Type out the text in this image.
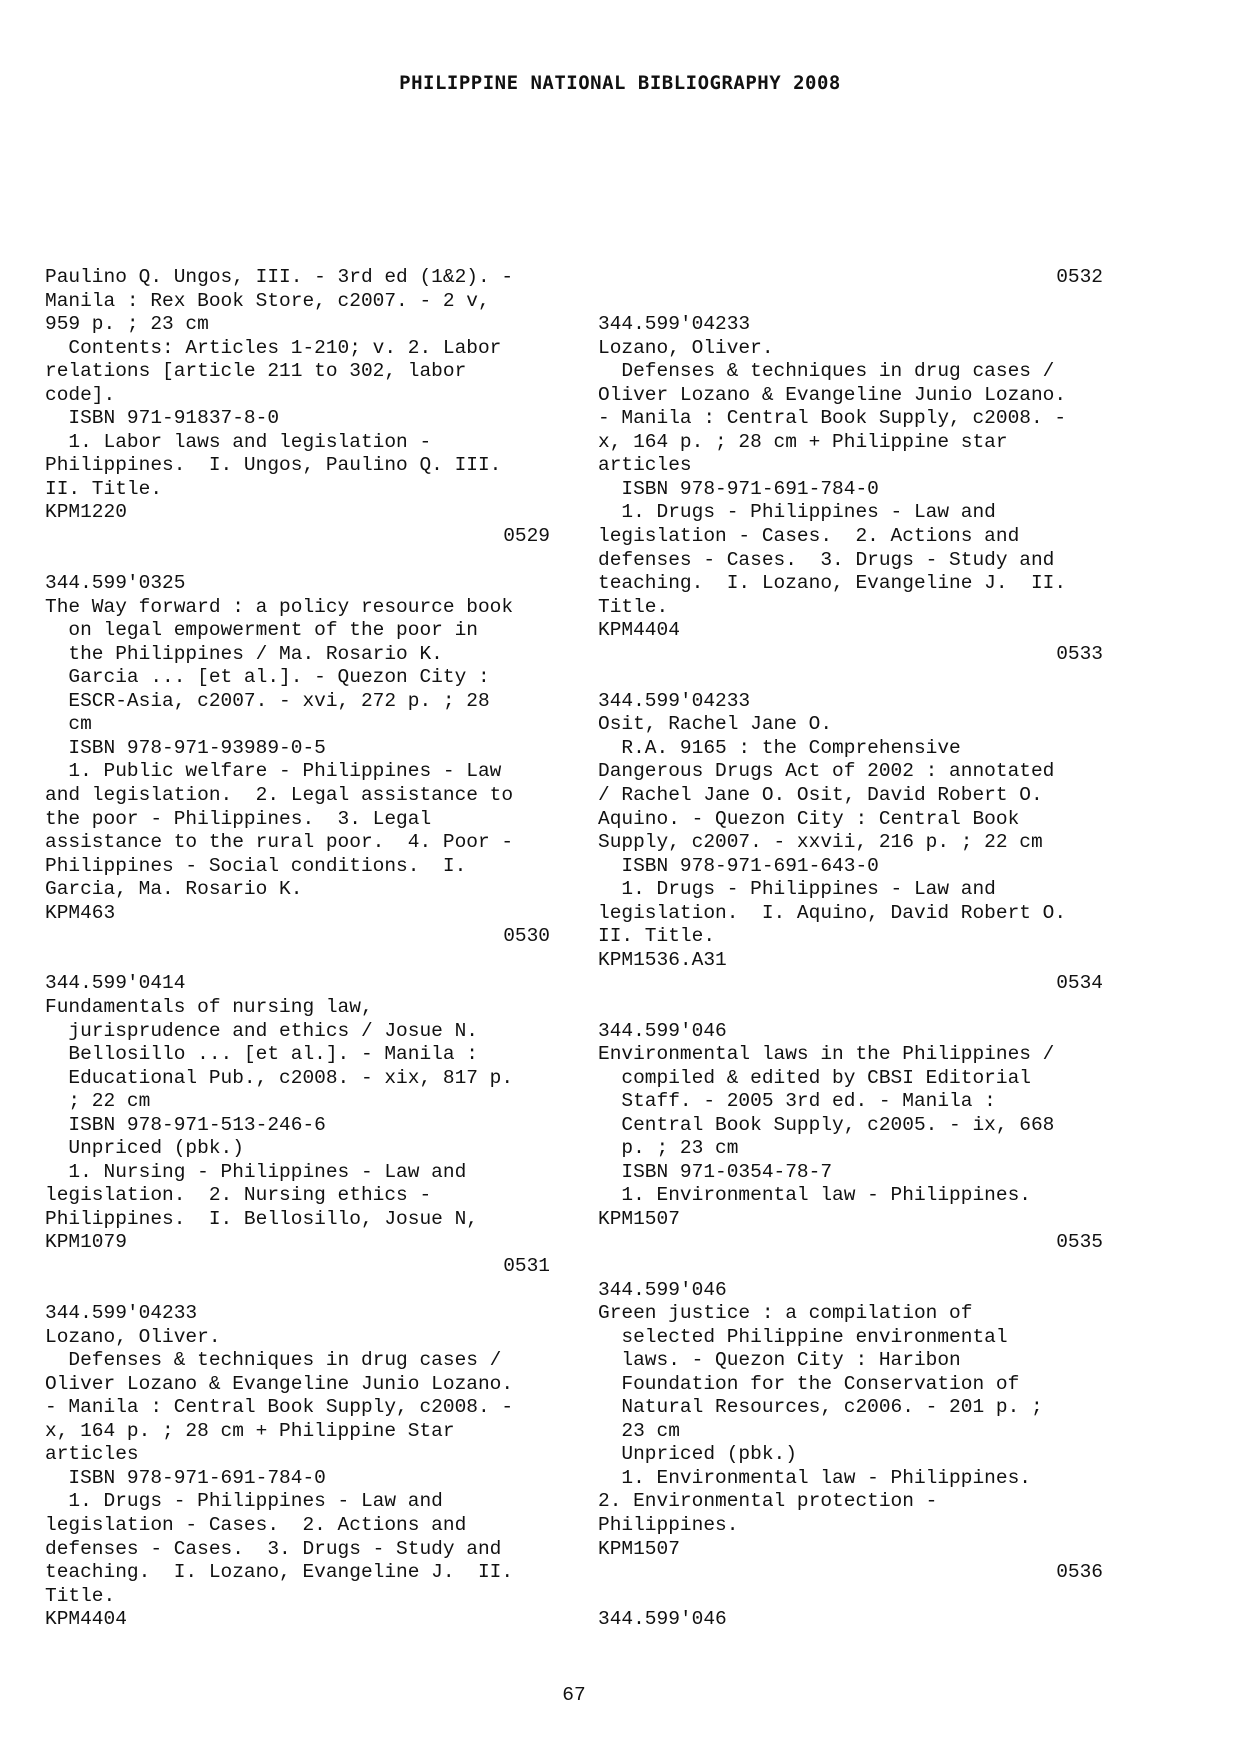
PHILIPPINE NATIONAL BIBLIOGRAPHY 2008
Paulino Q. Ungos, III. - 3rd ed (1&2). -
Manila : Rex Book Store, c2007. - 2 v,
959 p. ; 23 cm
Contents: Articles 1-210; v. 2. Labor
relations [article 211 to 302, labor
code].
ISBN 971-91837-8-0
1. Labor laws and legislation -
Philippines.  I. Ungos, Paulino Q. III.
II. Title.
KPM1220
0529
344.599'0325
The Way forward : a policy resource book
on legal empowerment of the poor in
the Philippines / Ma. Rosario K.
Garcia ... [et al.]. - Quezon City :
ESCR-Asia, c2007. - xvi, 272 p. ; 28
cm
ISBN 978-971-93989-0-5
1. Public welfare - Philippines - Law
and legislation.  2. Legal assistance to
the poor - Philippines.  3. Legal
assistance to the rural poor.  4. Poor -
Philippines - Social conditions.  I.
Garcia, Ma. Rosario K.
KPM463
0530
344.599'0414
Fundamentals of nursing law,
jurisprudence and ethics / Josue N.
Bellosillo ... [et al.]. - Manila :
Educational Pub., c2008. - xix, 817 p.
; 22 cm
ISBN 978-971-513-246-6
Unpriced (pbk.)
1. Nursing - Philippines - Law and
legislation.  2. Nursing ethics -
Philippines.  I. Bellosillo, Josue N,
KPM1079
0531
344.599'04233
Lozano, Oliver.
Defenses & techniques in drug cases /
Oliver Lozano & Evangeline Junio Lozano.
- Manila : Central Book Supply, c2008. -
x, 164 p. ; 28 cm + Philippine Star
articles
ISBN 978-971-691-784-0
1. Drugs - Philippines - Law and
legislation - Cases.  2. Actions and
defenses - Cases.  3. Drugs - Study and
teaching.  I. Lozano, Evangeline J.  II.
Title.
KPM4404
0532
344.599'04233
Lozano, Oliver.
Defenses & techniques in drug cases /
Oliver Lozano & Evangeline Junio Lozano.
- Manila : Central Book Supply, c2008. -
x, 164 p. ; 28 cm + Philippine star
articles
ISBN 978-971-691-784-0
1. Drugs - Philippines - Law and
legislation - Cases.  2. Actions and
defenses - Cases.  3. Drugs - Study and
teaching.  I. Lozano, Evangeline J.  II.
Title.
KPM4404
0533
344.599'04233
Osit, Rachel Jane O.
R.A. 9165 : the Comprehensive
Dangerous Drugs Act of 2002 : annotated
/ Rachel Jane O. Osit, David Robert O.
Aquino. - Quezon City : Central Book
Supply, c2007. - xxvii, 216 p. ; 22 cm
ISBN 978-971-691-643-0
1. Drugs - Philippines - Law and
legislation.  I. Aquino, David Robert O.
II. Title.
KPM1536.A31
0534
344.599'046
Environmental laws in the Philippines /
compiled & edited by CBSI Editorial
Staff. - 2005 3rd ed. - Manila :
Central Book Supply, c2005. - ix, 668
p. ; 23 cm
ISBN 971-0354-78-7
1. Environmental law - Philippines.
KPM1507
0535
344.599'046
Green justice : a compilation of
selected Philippine environmental
laws. - Quezon City : Haribon
Foundation for the Conservation of
Natural Resources, c2006. - 201 p. ;
23 cm
Unpriced (pbk.)
1. Environmental law - Philippines.
2. Environmental protection -
Philippines.
KPM1507
0536
344.599'046
67
